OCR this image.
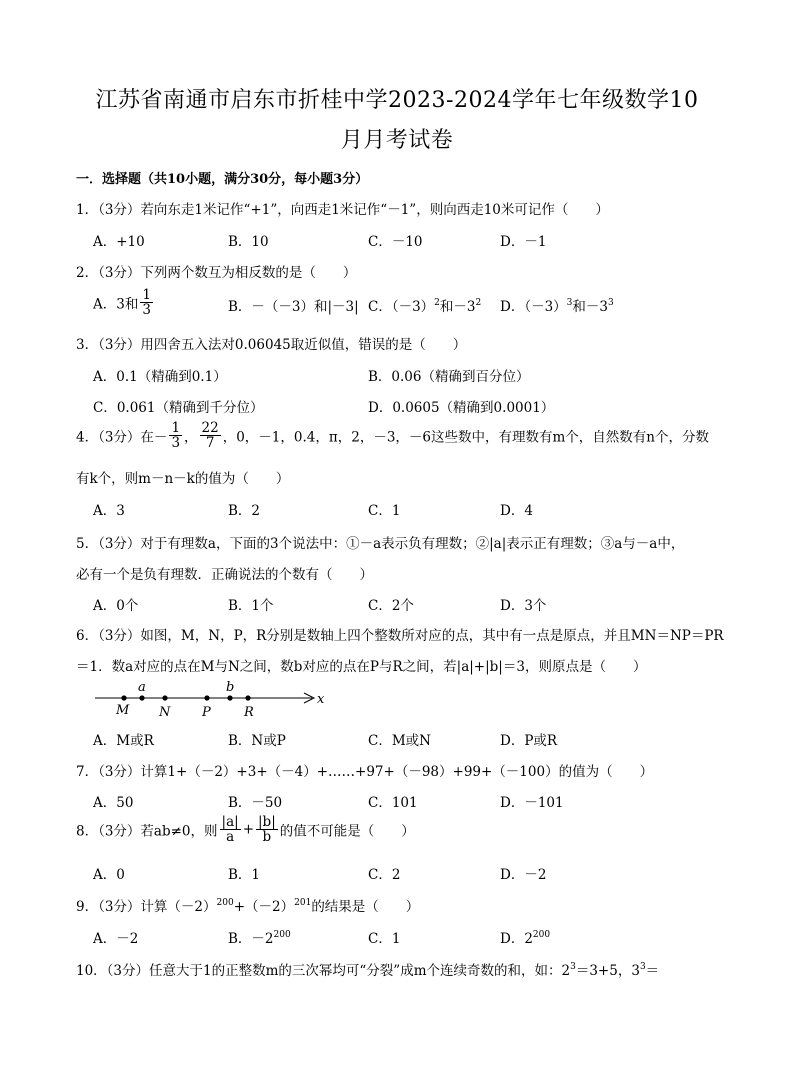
江苏省南通市启东市折桂中学2023-2024学年七年级数学10
月月考试卷
一．选择题（共10小题，满分30分，每小题3分）
1．（3分）若向东走1米记作“+1”，向西走1米记作“－1”，则向西走10米可记作（　　）
A．+10	B．10	C．－10	D．－1
2．（3分）下列两个数互为相反数的是（　　）
A．3和 $\frac{1}{3}$	B．－（－3）和|－3| C．$(-3)^2$和$-3^2$ D．$(-3)^3$和$-3^3$
3．（3分）用四舍五入法对0.06045取近似值，错误的是（　　）
A．0.1（精确到0.1）	B．0.06（精确到百分位）
C．0.061（精确到千分位）	D．0.0605（精确到0.0001）
4．（3分）在－ $\frac{1}{3}$ ， $\frac{22}{7}$ ，0，－1，0.4，π，2，－3，－6这些数中，有理数有m个，自然数有n个，分数
有k个，则m－n－k的值为（　　）
A．3	B．2	C．1	D．4
5．（3分）对于有理数a，下面的3个说法中：①－a表示负有理数；②|a|表示正有理数；③a与－a中，
必有一个是负有理数．正确说法的个数有（　　）
A．0个	B．1个	C．2个	D．3个
6．（3分）如图，M，N，P，R分别是数轴上四个整数所对应的点，其中有一点是原点，并且MN＝NP＝PR
＝1．数a对应的点在M与N之间，数b对应的点在P与R之间，若|a|+|b|＝3，则原点是（　　）
M
a
N P
b
R
x
A．M或R	B．N或P	C．M或N	D．P或R
7．（3分）计算1+（－2）+3+（－4）+……+97+（－98）+99+（－100）的值为（　　）
A．50	B．－50	C．101	D．－101
8．（3分）若ab≠0，则 $\frac{|a|}{a} + \frac{|b|}{b}$ 的值不可能是（　　）
A．0	B．1	C．2	D．－2
9．（3分）计算$(-2)^{200}+(-2)^{201}$的结果是（　　）
A．－2	B．$-2^{200}$	C．1	D．$2^{200}$
10．（3分）任意大于1的正整数m的三次幂均可“分裂”成m个连续奇数的和，如：$2^3=3+5$，$3^3=$
